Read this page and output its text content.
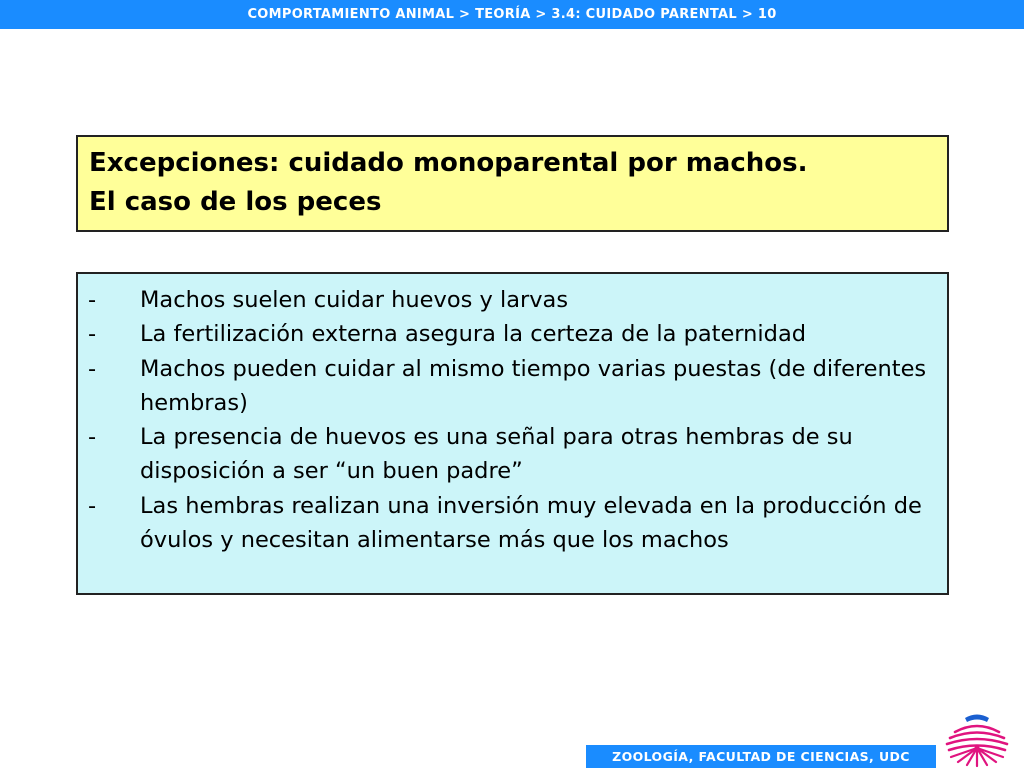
COMPORTAMIENTO ANIMAL > TEORÍA > 3.4: CUIDADO PARENTAL > 10
Excepciones: cuidado monoparental por machos.
El caso de los peces
- Machos suelen cuidar huevos y larvas
- La fertilización externa asegura la certeza de la paternidad
- Machos pueden cuidar al mismo tiempo varias puestas (de diferentes hembras)
- La presencia de huevos es una señal para otras hembras de su disposición a ser “un buen padre”
- Las hembras realizan una inversión muy elevada en la producción de óvulos y necesitan alimentarse más que los machos
ZOOLOGÍA, FACULTAD DE CIENCIAS, UDC
